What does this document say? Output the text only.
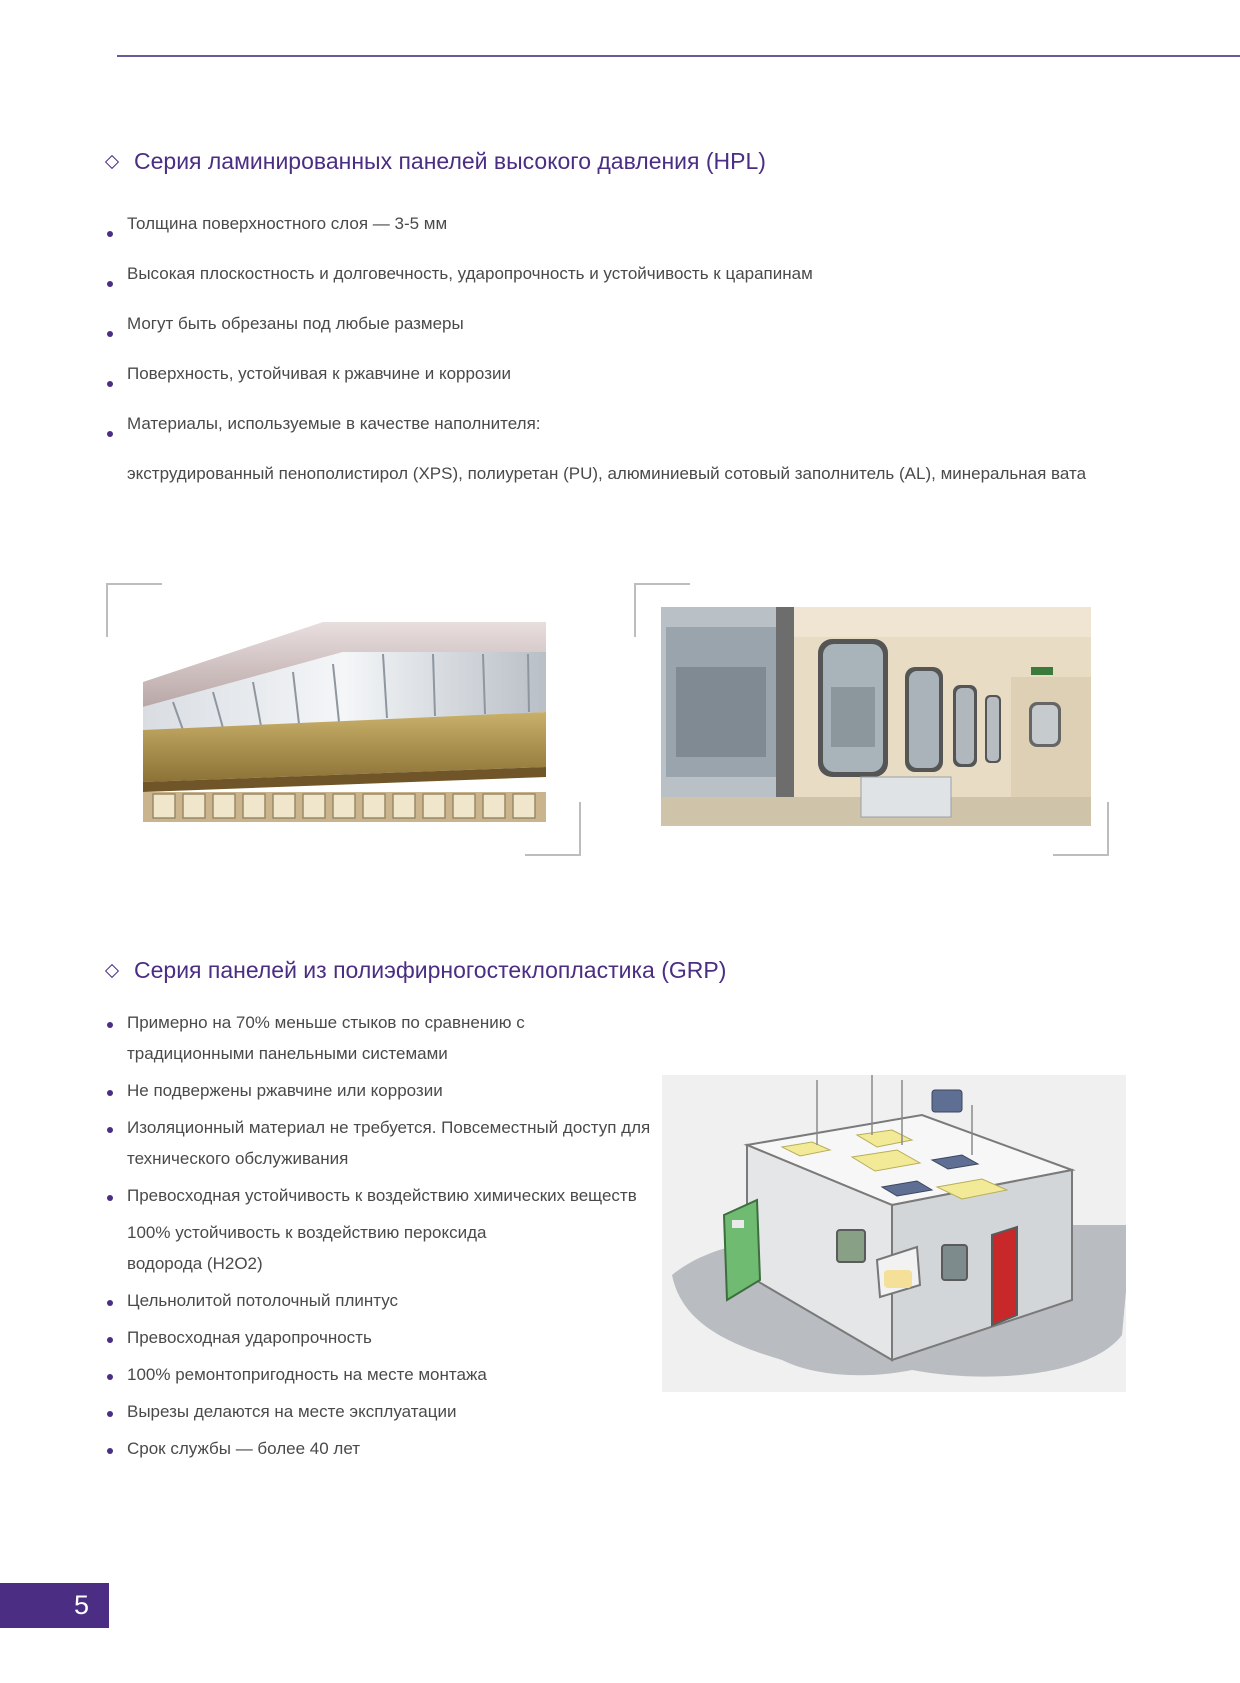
Серия ламинированных панелей высокого давления (HPL)
Толщина поверхностного слоя — 3-5 мм
Высокая плоскостность и долговечность, ударопрочность и устойчивость к царапинам
Могут быть обрезаны под любые размеры
Поверхность, устойчивая к ржавчине и коррозии
Материалы, используемые в качестве наполнителя:
экструдированный пенополистирол (XPS), полиуретан (PU), алюминиевый сотовый заполнитель (AL), минеральная вата
Серия панелей из полиэфирногостеклопластика (GRP)
Примерно на 70% меньше стыков по сравнению с
традиционными панельными системами
Не подвержены ржавчине или коррозии
Изоляционный материал не требуется. Повсеместный доступ для
технического обслуживания
Превосходная устойчивость к воздействию химических веществ
100% устойчивость к воздействию пероксида
водорода (H2O2)
Цельнолитой потолочный плинтус
Превосходная ударопрочность
100% ремонтопригодность на месте монтажа
Вырезы делаются на месте эксплуатации
Срок службы — более 40 лет
5
